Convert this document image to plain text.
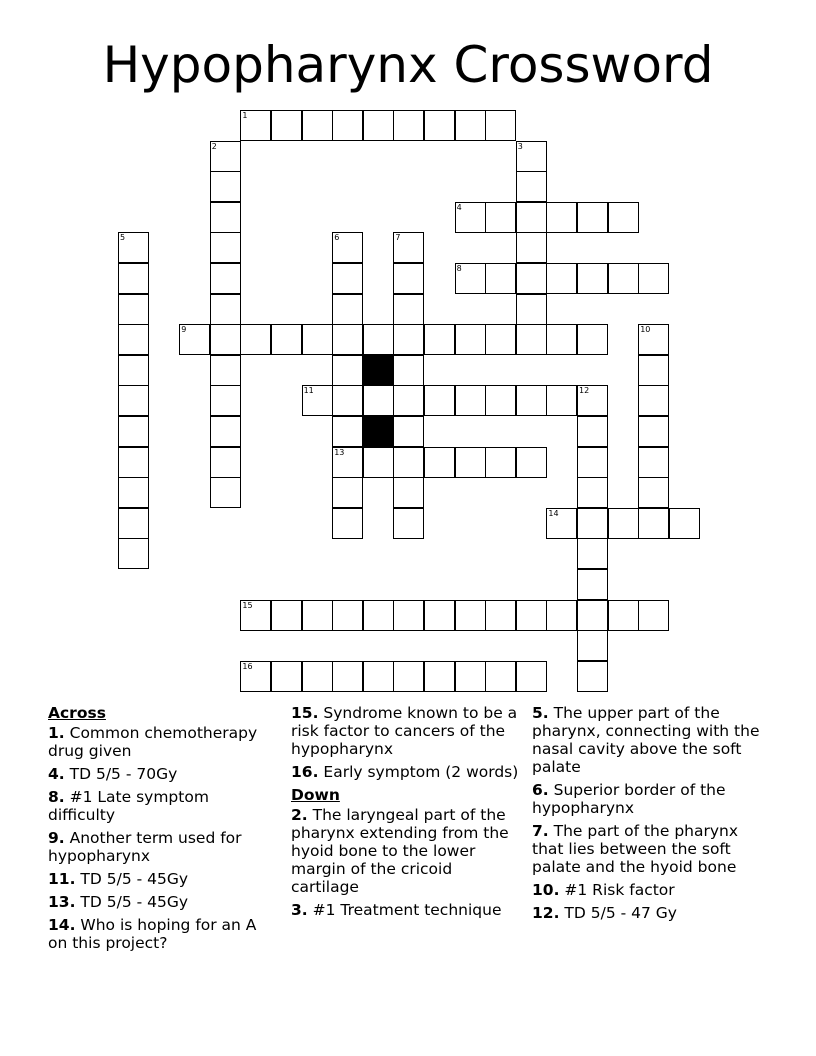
Hypopharynx Crossword
1
2	3
4
5	6
13
7
8
9	10
11	12
14
15
16
Across
1. Common chemotherapy drug given
4. TD 5/5 - 70Gy
8. #1 Late symptom difficulty
9. Another term used for hypopharynx
11. TD 5/5 - 45Gy
13. TD 5/5 - 45Gy
14. Who is hoping for an A on this project?
15. Syndrome known to be a risk factor to cancers of the hypopharynx
16. Early symptom (2 words)
Down
2. The laryngeal part of the pharynx extending from the hyoid bone to the lower margin of the cricoid cartilage
3. #1 Treatment technique
5. The upper part of the pharynx, connecting with the nasal cavity above the soft palate
6. Superior border of the hypopharynx
7. The part of the pharynx that lies between the soft palate and the hyoid bone
10. #1 Risk factor
12. TD 5/5 - 47 Gy
